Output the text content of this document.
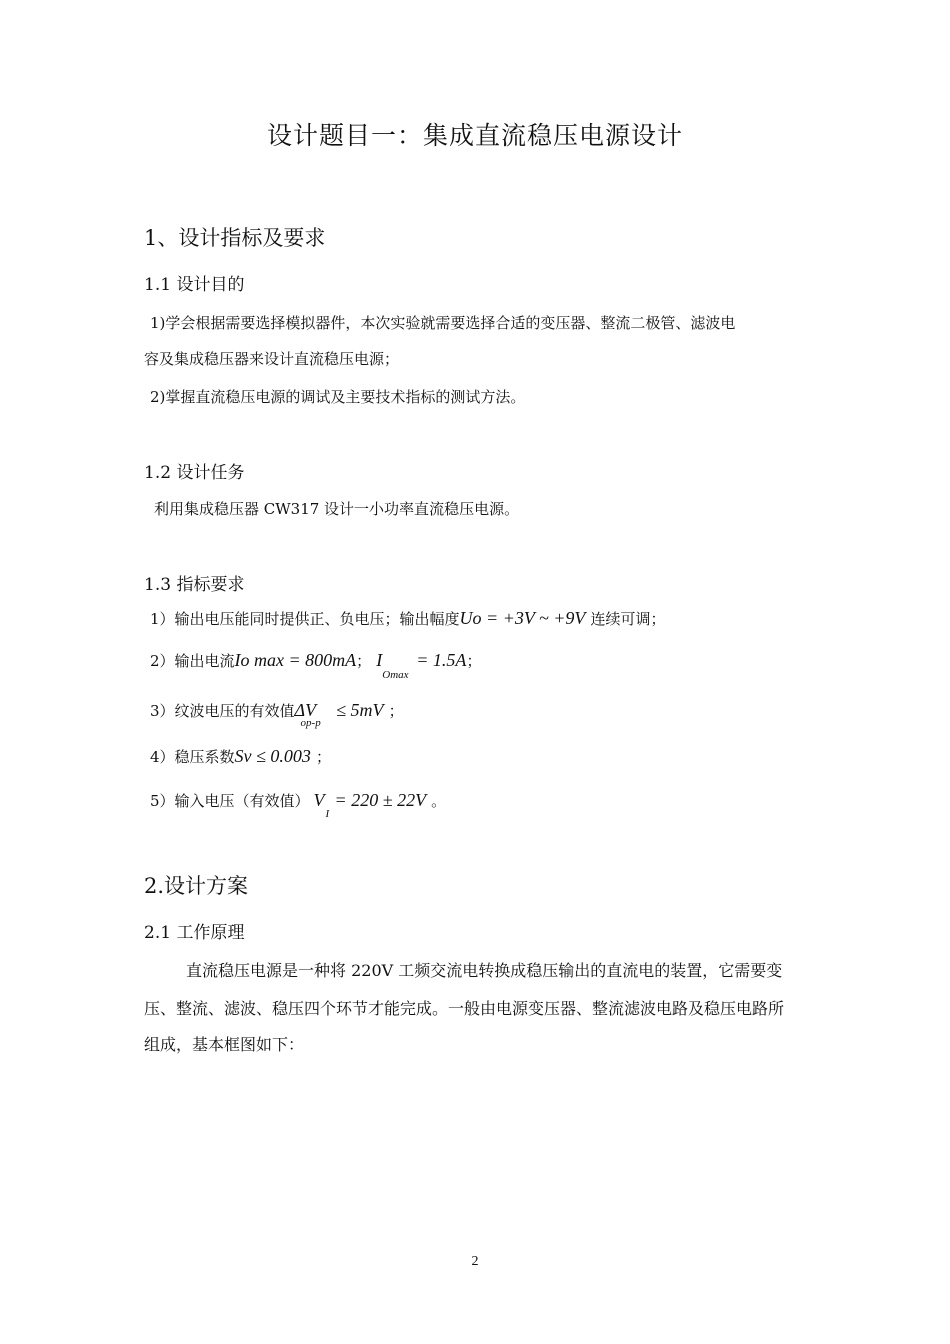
设计题目一：集成直流稳压电源设计
1、设计指标及要求
1.1 设计目的
1)学会根据需要选择模拟器件，本次实验就需要选择合适的变压器、整流二极管、滤波电
容及集成稳压器来设计直流稳压电源；
2)掌握直流稳压电源的调试及主要技术指标的测试方法。
1.2 设计任务
利用集成稳压器 CW317 设计一小功率直流稳压电源。
1.3 指标要求
1）输出电压能同时提供正、负电压；输出幅度Uo = +3V ~ +9V 连续可调；
2）输出电流Io max = 800mA； I
Omax
= 1.5A；
3）纹波电压的有效值ΔV
op-p
≤ 5mV ；
4）稳压系数Sv ≤ 0.003 ；
5）输入电压（有效值） V
I
= 220 ± 22V 。
2.设计方案
2.1 工作原理
直流稳压电源是一种将 220V 工频交流电转换成稳压输出的直流电的装置，它需要变
压、整流、滤波、稳压四个环节才能完成。一般由电源变压器、整流滤波电路及稳压电路所
组成，基本框图如下：
2
